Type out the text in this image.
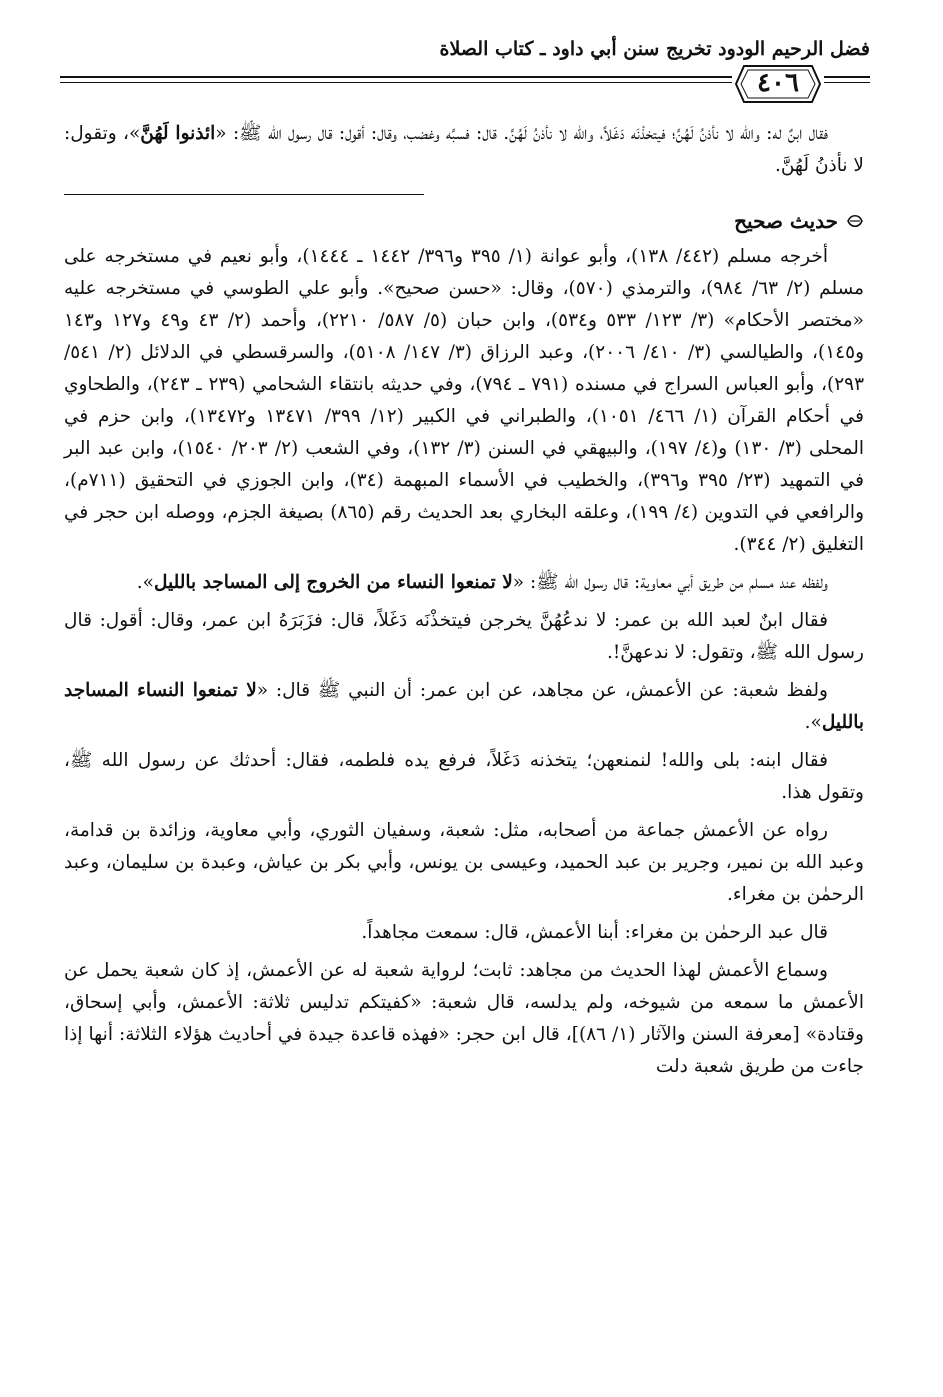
فضل الرحيم الودود تخريج سنن أبي داود ـ كتاب الصلاة
٤٠٦

فقال ابنٌ له: والله لا نأذنُ لَهُنَّ؛ فيتخذْنَه دَغَلاً، والله لا نأذنُ لَهُنَّ. قال: فسبَّه وغضب، وقال: أقول: قال رسول الله ﷺ: «ائذنوا لَهُنَّ»، وتقول: لا نأذنُ لَهُنَّ.

حديث صحيح

أخرجه مسلم (٤٤٢/ ١٣٨)، وأبو عوانة (١/ ٣٩٥ و٣٩٦/ ١٤٤٢ ـ ١٤٤٤)، وأبو نعيم في مستخرجه على مسلم (٢/ ٦٣/ ٩٨٤)، والترمذي (٥٧٠)، وقال: «حسن صحيح». وأبو علي الطوسي في مستخرجه عليه «مختصر الأحكام» (٣/ ١٢٣/ ٥٣٣ و٥٣٤)، وابن حبان (٥/ ٥٨٧/ ٢٢١٠)، وأحمد (٢/ ٤٣ و٤٩ و١٢٧ و١٤٣ و١٤٥)، والطيالسي (٣/ ٤١٠/ ٢٠٠٦)، وعبد الرزاق (٣/ ١٤٧/ ٥١٠٨)، والسرقسطي في الدلائل (٢/ ٥٤١/ ٢٩٣)، وأبو العباس السراج في مسنده (٧٩١ ـ ٧٩٤)، وفي حديثه بانتقاء الشحامي (٢٣٩ ـ ٢٤٣)، والطحاوي في أحكام القرآن (١/ ٤٦٦/ ١٠٥١)، والطبراني في الكبير (١٢/ ٣٩٩/ ١٣٤٧١ و١٣٤٧٢)، وابن حزم في المحلى (٣/ ١٣٠) و(٤/ ١٩٧)، والبيهقي في السنن (٣/ ١٣٢)، وفي الشعب (٢/ ٢٠٣/ ١٥٤٠)، وابن عبد البر في التمهيد (٢٣/ ٣٩٥ و٣٩٦)، والخطيب في الأسماء المبهمة (٣٤)، وابن الجوزي في التحقيق (٧١١م)، والرافعي في التدوين (٤/ ١٩٩)، وعلقه البخاري بعد الحديث رقم (٨٦٥) بصيغة الجزم، ووصله ابن حجر في التغليق (٢/ ٣٤٤).

ولفظه عند مسلم من طريق أبي معاوية: قال رسول الله ﷺ: «لا تمنعوا النساء من الخروج إلى المساجد بالليل».

فقال ابنٌ لعبد الله بن عمر: لا ندعُهُنَّ يخرجن فيتخذْنَه دَغَلاً، قال: فزَبَرَهُ ابن عمر، وقال: أقول: قال رسول الله ﷺ، وتقول: لا ندعهنَّ!.

ولفظ شعبة: عن الأعمش، عن مجاهد، عن ابن عمر: أن النبي ﷺ قال: «لا تمنعوا النساء المساجد بالليل».

فقال ابنه: بلى والله! لنمنعهن؛ يتخذنه دَغَلاً، فرفع يده فلطمه، فقال: أحدثك عن رسول الله ﷺ، وتقول هذا.

رواه عن الأعمش جماعة من أصحابه، مثل: شعبة، وسفيان الثوري، وأبي معاوية، وزائدة بن قدامة، وعبد الله بن نمير، وجرير بن عبد الحميد، وعيسى بن يونس، وأبي بكر بن عياش، وعبدة بن سليمان، وعبد الرحمٰن بن مغراء.

قال عبد الرحمٰن بن مغراء: أبنا الأعمش، قال: سمعت مجاهداً.

وسماع الأعمش لهذا الحديث من مجاهد: ثابت؛ لرواية شعبة له عن الأعمش، إذ كان شعبة يحمل عن الأعمش ما سمعه من شيوخه، ولم يدلسه، قال شعبة: «كفيتكم تدليس ثلاثة: الأعمش، وأبي إسحاق، وقتادة» [معرفة السنن والآثار (١/ ٨٦)]، قال ابن حجر: «فهذه قاعدة جيدة في أحاديث هؤلاء الثلاثة: أنها إذا جاءت من طريق شعبة دلت
